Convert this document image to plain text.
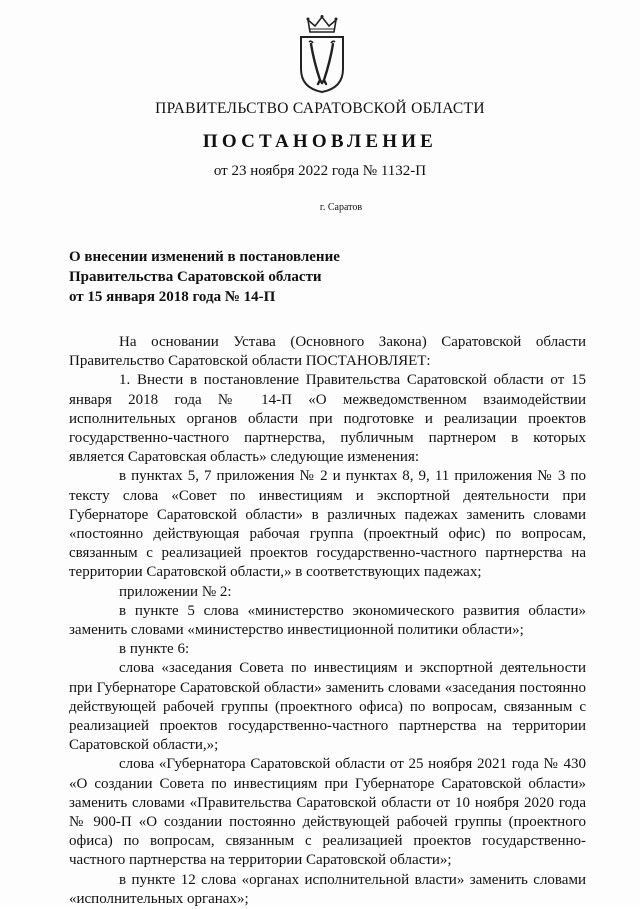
ПРАВИТЕЛЬСТВО САРАТОВСКОЙ ОБЛАСТИ
ПОСТАНОВЛЕНИЕ
от 23 ноября 2022 года № 1132-П
г. Саратов
О внесении изменений в постановление
Правительства Саратовской области
от 15 января 2018 года № 14-П

На основании Устава (Основного Закона) Саратовской области Правительство Саратовской области ПОСТАНОВЛЯЕТ:

1. Внести в постановление Правительства Саратовской области от 15 января 2018 года № 14-П «О межведомственном взаимодействии исполнительных органов области при подготовке и реализации проектов государственно-частного партнерства, публичным партнером в которых является Саратовская область» следующие изменения:

в пунктах 5, 7 приложения № 2 и пунктах 8, 9, 11 приложения № 3 по тексту слова «Совет по инвестициям и экспортной деятельности при Губернаторе Саратовской области» в различных падежах заменить словами «постоянно действующая рабочая группа (проектный офис) по вопросам, связанным с реализацией проектов государственно-частного партнерства на территории Саратовской области,» в соответствующих падежах;

приложении № 2:

в пункте 5 слова «министерство экономического развития области» заменить словами «министерство инвестиционной политики области»;

в пункте 6:

слова «заседания Совета по инвестициям и экспортной деятельности при Губернаторе Саратовской области» заменить словами «заседания постоянно действующей рабочей группы (проектного офиса) по вопросам, связанным с реализацией проектов государственно-частного партнерства на территории Саратовской области,»;

слова «Губернатора Саратовской области от 25 ноября 2021 года № 430 «О создании Совета по инвестициям при Губернаторе Саратовской области» заменить словами «Правительства Саратовской области от 10 ноября 2020 года № 900-П «О создании постоянно действующей рабочей группы (проектного офиса) по вопросам, связанным с реализацией проектов государственно-частного партнерства на территории Саратовской области»;

в пункте 12 слова «органах исполнительной власти» заменить словами «исполнительных органах»;
